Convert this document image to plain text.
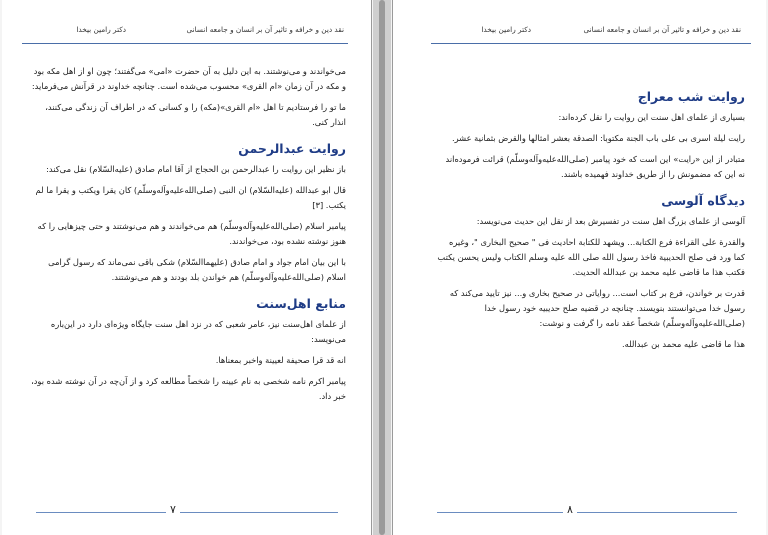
نقد دين و خرافه و تاثير آن بر انسان و جامعه انسانی
دکتر رامين بيخدا

می‌خواندند و می‌نوشتند. به اين دليل به آن حضرت «امی» می‌گفتند؛ چون او از اهل مکه بود و مکه در آن زمان «ام القری» محسوب می‌شده است. چنانچه خداوند در قرآنش می‌فرمايد:

ما تو را فرستاديم تا اهل «ام القری»(مکه) را و کسانی که در اطراف آن زندگی می‌کنند، انذار کنی.

روايت عبدالرحمن

باز نظير اين روايت را عبدالرحمن بن الحجاج از آقا امام صادق (عليه‌السّلام) نقل می‌کند:

قال ابو عبدالله (عليه‌السّلام) ان النبی (صلی‌الله‌عليه‌وآله‌وسلّم) کان يقرا ويکتب و يقرا ما لم يکتب. [۳]

پيامبر اسلام (صلی‌الله‌عليه‌وآله‌وسلّم) هم می‌خواندند و هم می‌نوشتند و حتی چيزهايی را که هنوز نوشته نشده بود، می‌خواندند.

با اين بيان امام جواد و امام صادق (عليهماالسّلام) شکی باقی نمی‌ماند که رسول گرامی اسلام (صلی‌الله‌عليه‌وآله‌وسلّم) هم خواندن بلد بودند و هم می‌نوشتند.

منابع اهل‌سنت

از علمای اهل‌سنت نيز، عامر شعبی که در نزد اهل سنت جايگاه ويژه‌ای دارد در اين‌باره می‌نويسد:

انه قد قرا صحيفة لعيينة واخبر بمعناها.

پيامبر اکرم نامه شخصی به نام عيينه را شخصاً مطالعه کرد و از آن‌چه در آن نوشته شده بود، خبر داد.

۷
نقد دين و خرافه و تاثير آن بر انسان و جامعه انسانی
دکتر رامين بيخدا
روايت شب معراج

بسياری از علمای اهل سنت اين روايت را نقل کرده‌اند:

رايت ليلة اسری بی علی باب الجنة مکتوبا: الصدقة بعشر امثالها والقرض بثمانية عشر.

متبادر از اين «رايت» اين است که خود پيامبر (صلی‌الله‌عليه‌وآله‌وسلّم) قرائت فرموده‌اند نه اين که مضمونش را از طريق خداوند فهميده باشند.

ديدگاه آلوسی

آلوسی از علمای بزرگ اهل سنت در تفسيرش بعد از نقل اين حديث می‌نويسد:

والقدرة علی القراءة فرع الکتابة... ويشهد للکتابة احاديث فی " صحيح البخاری "، وغيره کما ورد فی صلح الحديبية فاخذ رسول الله صلی الله عليه وسلم الکتاب وليس يحسن يکتب فکتب هذا ما قاضی عليه محمد بن عبدالله الحديث.

قدرت بر خواندن، فرع بر کتاب است... روایاتی در صحيح بخاری و... نيز تاييد می‌کند که رسول خدا می‌توانستند بنويسند. چنانچه در قضيه صلح حديبيه خود رسول خدا (صلی‌الله‌عليه‌وآله‌وسلّم) شخصاً عقد نامه را گرفت و نوشت:

هذا ما قاضی عليه محمد بن عبدالله.

۸
